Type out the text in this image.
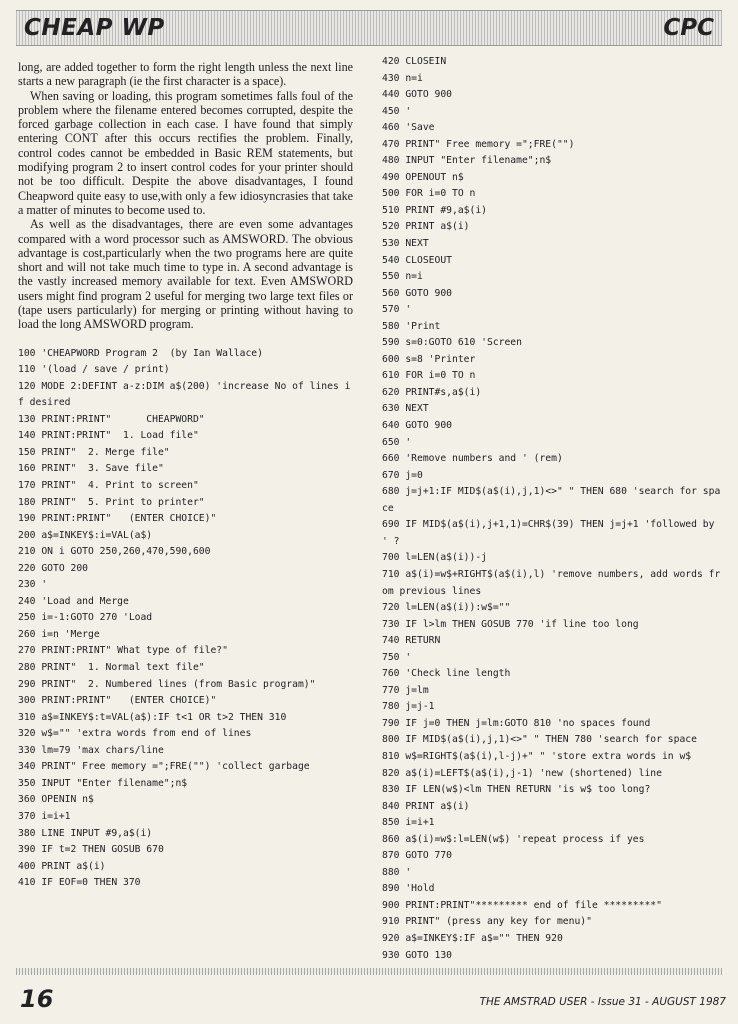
CHEAP WP	CPC

long, are added together to form the right length unless the next line starts a new paragraph (ie the first character is a space).

When saving or loading, this program sometimes falls foul of the problem where the filename entered becomes corrupted, despite the forced garbage collection in each case. I have found that simply entering CONT after this occurs rectifies the problem. Finally, control codes cannot be embedded in Basic REM statements, but modifying program 2 to insert control codes for your printer should not be too difficult. Despite the above disadvantages, I found Cheapword quite easy to use,with only a few idiosyncrasies that take a matter of minutes to become used to.

As well as the disadvantages, there are even some advantages compared with a word processor such as AMSWORD. The obvious advantage is cost,particularly when the two programs here are quite short and will not take much time to type in. A second advantage is the vastly increased memory available for text. Even AMSWORD users might find program 2 useful for merging two large text files or (tape users particularly) for merging or printing without having to load the long AMSWORD program.

100 'CHEAPWORD Program 2  (by Ian Wallace)
110 '(load / save / print)
120 MODE 2:DEFINT a-z:DIM a$(200) 'increase No of lines if desired
130 PRINT:PRINT"      CHEAPWORD"
140 PRINT:PRINT"  1. Load file"
150 PRINT"  2. Merge file"
160 PRINT"  3. Save file"
170 PRINT"  4. Print to screen"
180 PRINT"  5. Print to printer"
190 PRINT:PRINT"   (ENTER CHOICE)"
200 a$=INKEY$:i=VAL(a$)
210 ON i GOTO 250,260,470,590,600
220 GOTO 200
230 '
240 'Load and Merge
250 i=-1:GOTO 270 'Load
260 i=n 'Merge
270 PRINT:PRINT" What type of file?"
280 PRINT"  1. Normal text file"
290 PRINT"  2. Numbered lines (from Basic program)"
300 PRINT:PRINT"   (ENTER CHOICE)"
310 a$=INKEY$:t=VAL(a$):IF t<1 OR t>2 THEN 310
320 w$="" 'extra words from end of lines
330 lm=79 'max chars/line
340 PRINT" Free memory =";FRE("") 'collect garbage
350 INPUT "Enter filename";n$
360 OPENIN n$
370 i=i+1
380 LINE INPUT #9,a$(i)
390 IF t=2 THEN GOSUB 670
400 PRINT a$(i)
410 IF EOF=0 THEN 370
420 CLOSEIN
430 n=i
440 GOTO 900
450 '
460 'Save
470 PRINT" Free memory =";FRE("")
480 INPUT "Enter filename";n$
490 OPENOUT n$
500 FOR i=0 TO n
510 PRINT #9,a$(i)
520 PRINT a$(i)
530 NEXT
540 CLOSEOUT
550 n=i
560 GOTO 900
570 '
580 'Print
590 s=0:GOTO 610 'Screen
600 s=8 'Printer
610 FOR i=0 TO n
620 PRINT#s,a$(i)
630 NEXT
640 GOTO 900
650 '
660 'Remove numbers and ' (rem)
670 j=0
680 j=j+1:IF MID$(a$(i),j,1)<>" " THEN 680 'search for space
690 IF MID$(a$(i),j+1,1)=CHR$(39) THEN j=j+1 'followed by ' ?
700 l=LEN(a$(i))-j
710 a$(i)=w$+RIGHT$(a$(i),l) 'remove numbers, add words from previous lines
720 l=LEN(a$(i)):w$=""
730 IF l>lm THEN GOSUB 770 'if line too long
740 RETURN
750 '
760 'Check line length
770 j=lm
780 j=j-1
790 IF j=0 THEN j=lm:GOTO 810 'no spaces found
800 IF MID$(a$(i),j,1)<>" " THEN 780 'search for space
810 w$=RIGHT$(a$(i),l-j)+" " 'store extra words in w$
820 a$(i)=LEFT$(a$(i),j-1) 'new (shortened) line
830 IF LEN(w$)<lm THEN RETURN 'is w$ too long?
840 PRINT a$(i)
850 i=i+1
860 a$(i)=w$:l=LEN(w$) 'repeat process if yes
870 GOTO 770
880 '
890 'Hold
900 PRINT:PRINT"********* end of file *********"
910 PRINT" (press any key for menu)"
920 a$=INKEY$:IF a$="" THEN 920
930 GOTO 130
16	THE AMSTRAD USER - Issue 31 - AUGUST 1987
